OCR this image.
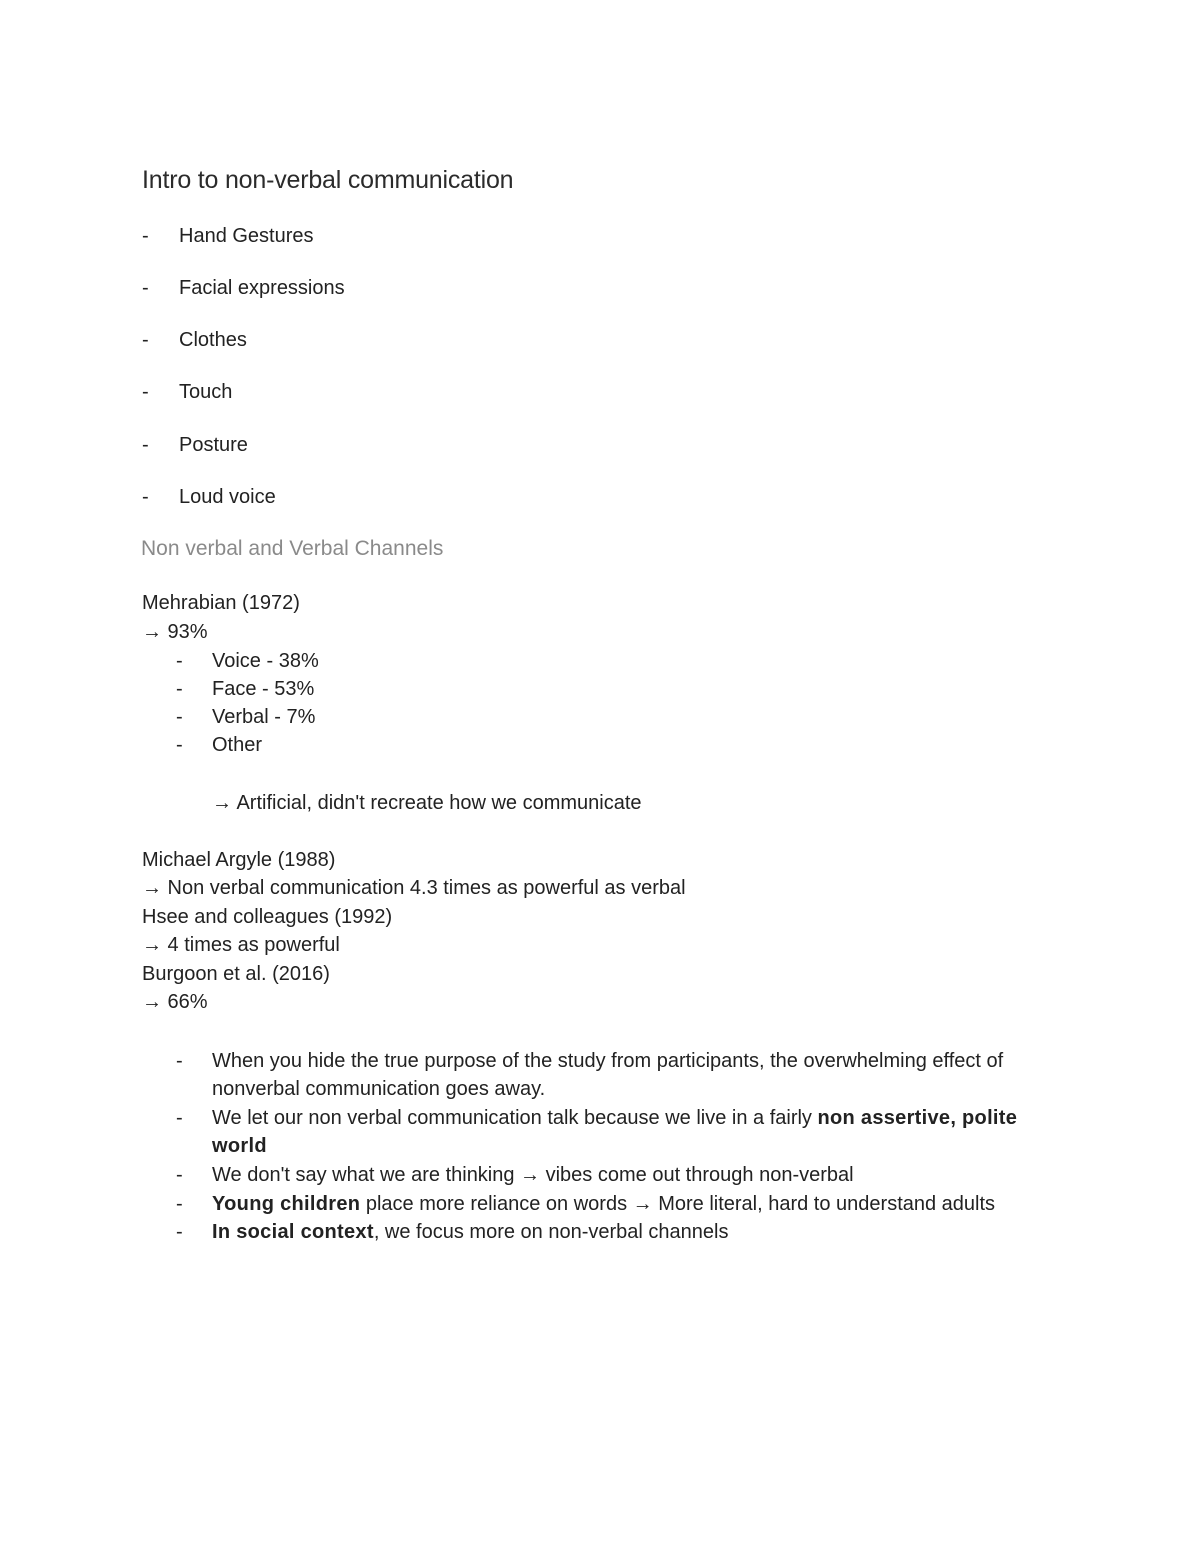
Intro to non-verbal communication
- Hand Gestures
- Facial expressions
- Clothes
- Touch
- Posture
- Loud voice
Non verbal and Verbal Channels
Mehrabian (1972)
→ 93%
- Voice - 38%
- Face - 53%
- Verbal - 7%
- Other
→ Artificial, didn't recreate how we communicate
Michael Argyle (1988)
→ Non verbal communication 4.3 times as powerful as verbal
Hsee and colleagues (1992)
→ 4 times as powerful
Burgoon et al. (2016)
→ 66%
- When you hide the true purpose of the study from participants, the overwhelming effect of nonverbal communication goes away.
- We let our non verbal communication talk because we live in a fairly non assertive, polite world
- We don't say what we are thinking → vibes come out through non-verbal
- Young children place more reliance on words → More literal, hard to understand adults
- In social context, we focus more on non-verbal channels
